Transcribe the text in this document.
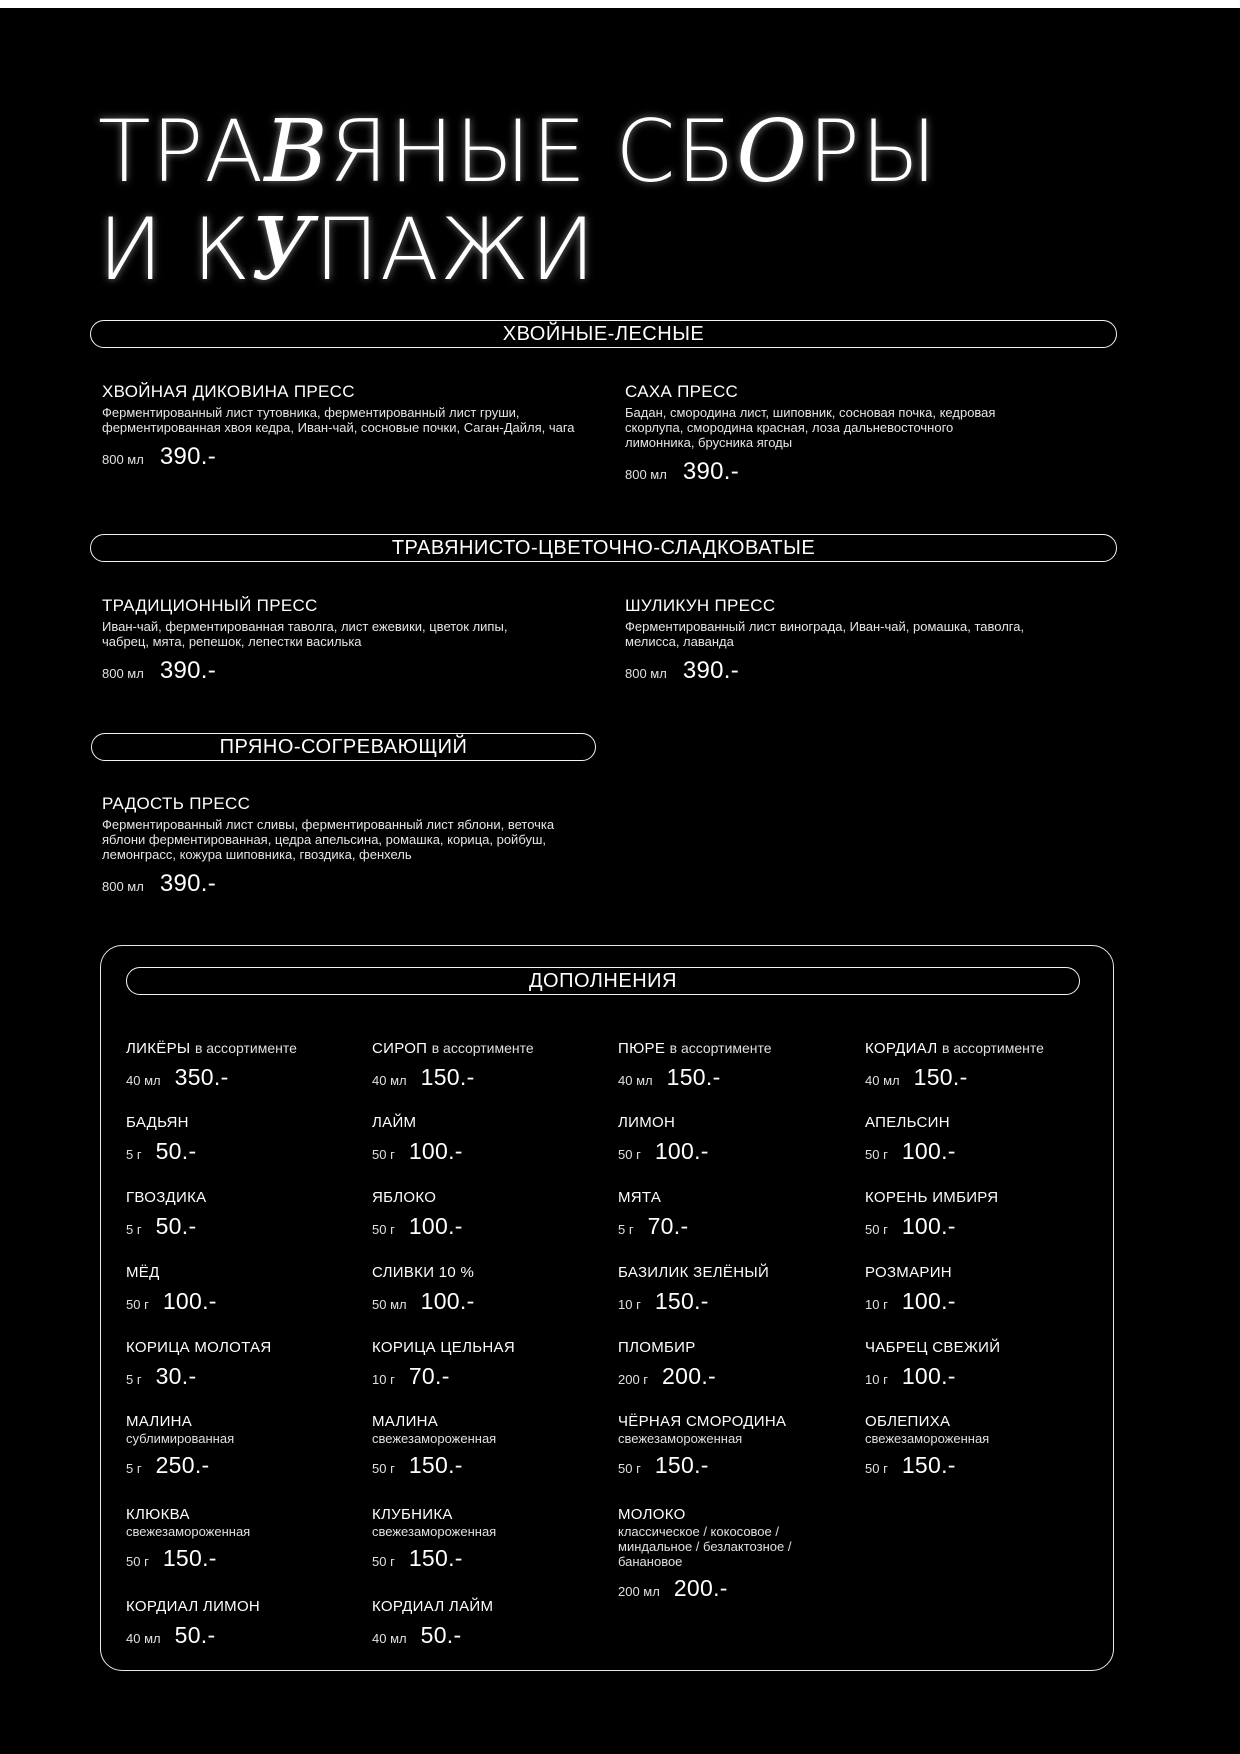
ТРАВЯНЫЕ СБОРЫ
И КУПАЖИ
ХВОЙНЫЕ-ЛЕСНЫЕ
ХВОЙНАЯ ДИКОВИНА ПРЕСС
Ферментированный лист тутовника, ферментированный лист груши, ферментированная хвоя кедра, Иван-чай, сосновые почки, Саган-Дайля, чага
800 мл 390.-
САХА ПРЕСС
Бадан, смородина лист, шиповник, сосновая почка, кедровая скорлупа, смородина красная, лоза дальневосточного лимонника, брусника ягоды
800 мл 390.-
ТРАВЯНИСТО-ЦВЕТОЧНО-СЛАДКОВАТЫЕ
ТРАДИЦИОННЫЙ ПРЕСС
Иван-чай, ферментированная таволга, лист ежевики, цветок липы, чабрец, мята, репешок, лепестки василька
800 мл 390.-
ШУЛИКУН ПРЕСС
Ферментированный лист винограда, Иван-чай, ромашка, таволга, мелисса, лаванда
800 мл 390.-
ПРЯНО-СОГРЕВАЮЩИЙ
РАДОСТЬ ПРЕСС
Ферментированный лист сливы, ферментированный лист яблони, веточка яблони ферментированная, цедра апельсина, ромашка, корица, ройбуш, лемонграсс, кожура шиповника, гвоздика, фенхель
800 мл 390.-
ДОПОЛНЕНИЯ
ЛИКЁРЫ в ассортименте
40 мл 350.-
СИРОП в ассортименте
40 мл 150.-
ПЮРЕ в ассортименте
40 мл 150.-
КОРДИАЛ в ассортименте
40 мл 150.-
БАДЬЯН
5 г 50.-
ЛАЙМ
50 г 100.-
ЛИМОН
50 г 100.-
АПЕЛЬСИН
50 г 100.-
ГВОЗДИКА
5 г 50.-
ЯБЛОКО
50 г 100.-
МЯТА
5 г 70.-
КОРЕНЬ ИМБИРЯ
50 г 100.-
МЁД
50 г 100.-
СЛИВКИ 10 %
50 мл 100.-
БАЗИЛИК ЗЕЛЁНЫЙ
10 г 150.-
РОЗМАРИН
10 г 100.-
КОРИЦА МОЛОТАЯ
5 г 30.-
КОРИЦА ЦЕЛЬНАЯ
10 г 70.-
ПЛОМБИР
200 г 200.-
ЧАБРЕЦ СВЕЖИЙ
10 г 100.-
МАЛИНА
сублимированная
5 г 250.-
МАЛИНА
свежезамороженная
50 г 150.-
ЧЁРНАЯ СМОРОДИНА
свежезамороженная
50 г 150.-
ОБЛЕПИХА
свежезамороженная
50 г 150.-
КЛЮКВА
свежезамороженная
50 г 150.-
КЛУБНИКА
свежезамороженная
50 г 150.-
МОЛОКО
классическое / кокосовое / миндальное / безлактозное / банановое
200 мл 200.-
КОРДИАЛ ЛИМОН
40 мл 50.-
КОРДИАЛ ЛАЙМ
40 мл 50.-
